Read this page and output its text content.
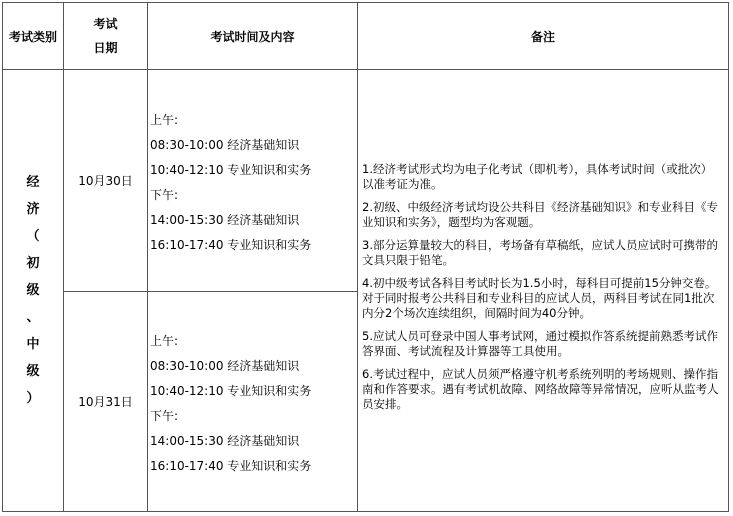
考试类别
考试
日期
考试时间及内容	备注
经
济
（
初
级
、
中
级
）
10月30日
上午:
08:30-10:00 经济基础知识
10:40-12:10 专业知识和实务
下午:
14:00-15:30 经济基础知识
16:10-17:40 专业知识和实务
10月31日
上午:
08:30-10:00 经济基础知识
10:40-12:10 专业知识和实务
下午:
14:00-15:30 经济基础知识
16:10-17:40 专业知识和实务

1.经济考试形式均为电子化考试（即机考），具体考试时间（或批次）以准考证为准。

2.初级、中级经济考试均设公共科目《经济基础知识》和专业科目《专业知识和实务》，题型均为客观题。

3.部分运算量较大的科目，考场备有草稿纸，应试人员应试时可携带的文具只限于铅笔。

4.初中级考试各科目考试时长为1.5小时，每科目可提前15分钟交卷。对于同时报考公共科目和专业科目的应试人员，两科目考试在同1批次内分2个场次连续组织，间隔时间为40分钟。

5.应试人员可登录中国人事考试网，通过模拟作答系统提前熟悉考试作答界面、考试流程及计算器等工具使用。

6.考试过程中，应试人员须严格遵守机考系统列明的考场规则、操作指南和作答要求。遇有考试机故障、网络故障等异常情况，应听从监考人员安排。
